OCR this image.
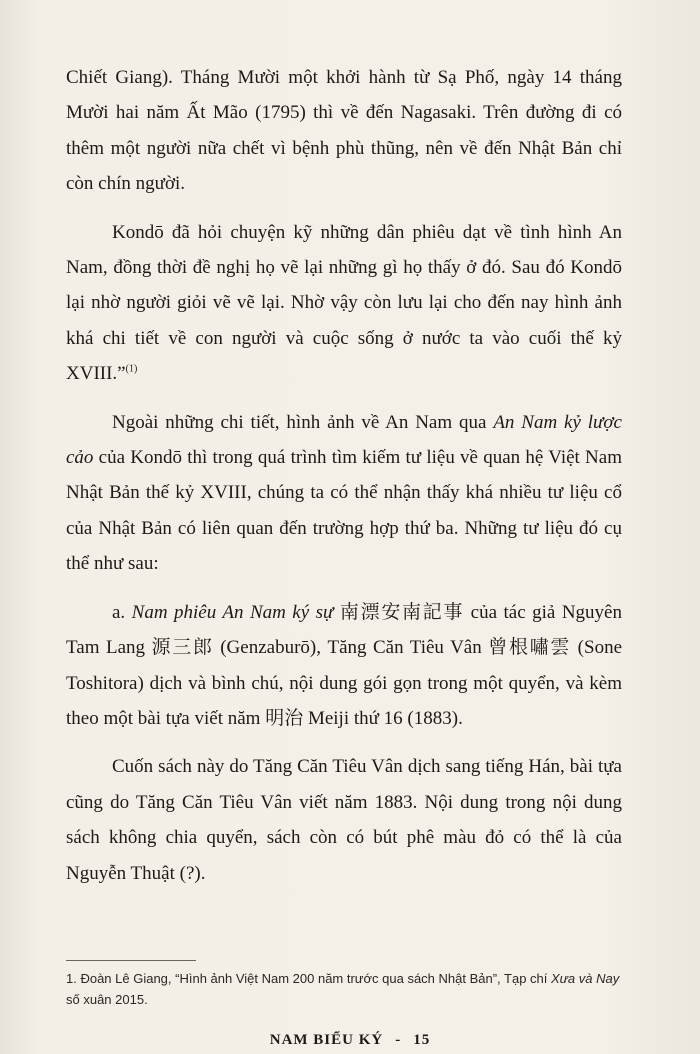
Chiết Giang). Tháng Mười một khởi hành từ Sạ Phố, ngày 14 tháng Mười hai năm Ất Mão (1795) thì về đến Nagasaki. Trên đường đi có thêm một người nữa chết vì bệnh phù thũng, nên về đến Nhật Bản chỉ còn chín người.

Kondō đã hỏi chuyện kỹ những dân phiêu dạt về tình hình An Nam, đồng thời đề nghị họ vẽ lại những gì họ thấy ở đó. Sau đó Kondō lại nhờ người giỏi vẽ vẽ lại. Nhờ vậy còn lưu lại cho đến nay hình ảnh khá chi tiết về con người và cuộc sống ở nước ta vào cuối thế kỷ XVIII.”$^{(1)}$

Ngoài những chi tiết, hình ảnh về An Nam qua An Nam kỷ lược cảo của Kondō thì trong quá trình tìm kiếm tư liệu về quan hệ Việt Nam Nhật Bản thế kỷ XVIII, chúng ta có thể nhận thấy khá nhiều tư liệu cổ của Nhật Bản có liên quan đến trường hợp thứ ba. Những tư liệu đó cụ thể như sau:

a. Nam phiêu An Nam ký sự 南漂安南記事 của tác giả Nguyên Tam Lang 源三郎 (Genzaburō), Tăng Căn Tiêu Vân 曾根嘯雲 (Sone Toshitora) dịch và bình chú, nội dung gói gọn trong một quyển, và kèm theo một bài tựa viết năm 明治 Meiji thứ 16 (1883).

Cuốn sách này do Tăng Căn Tiêu Vân dịch sang tiếng Hán, bài tựa cũng do Tăng Căn Tiêu Vân viết năm 1883. Nội dung trong nội dung sách không chia quyển, sách còn có bút phê màu đỏ có thể là của Nguyễn Thuật (?).

1. Đoàn Lê Giang, “Hình ảnh Việt Nam 200 năm trước qua sách Nhật Bản”, Tạp chí Xưa và Nay số xuân 2015.
NAM BIỂU KÝ - 15
